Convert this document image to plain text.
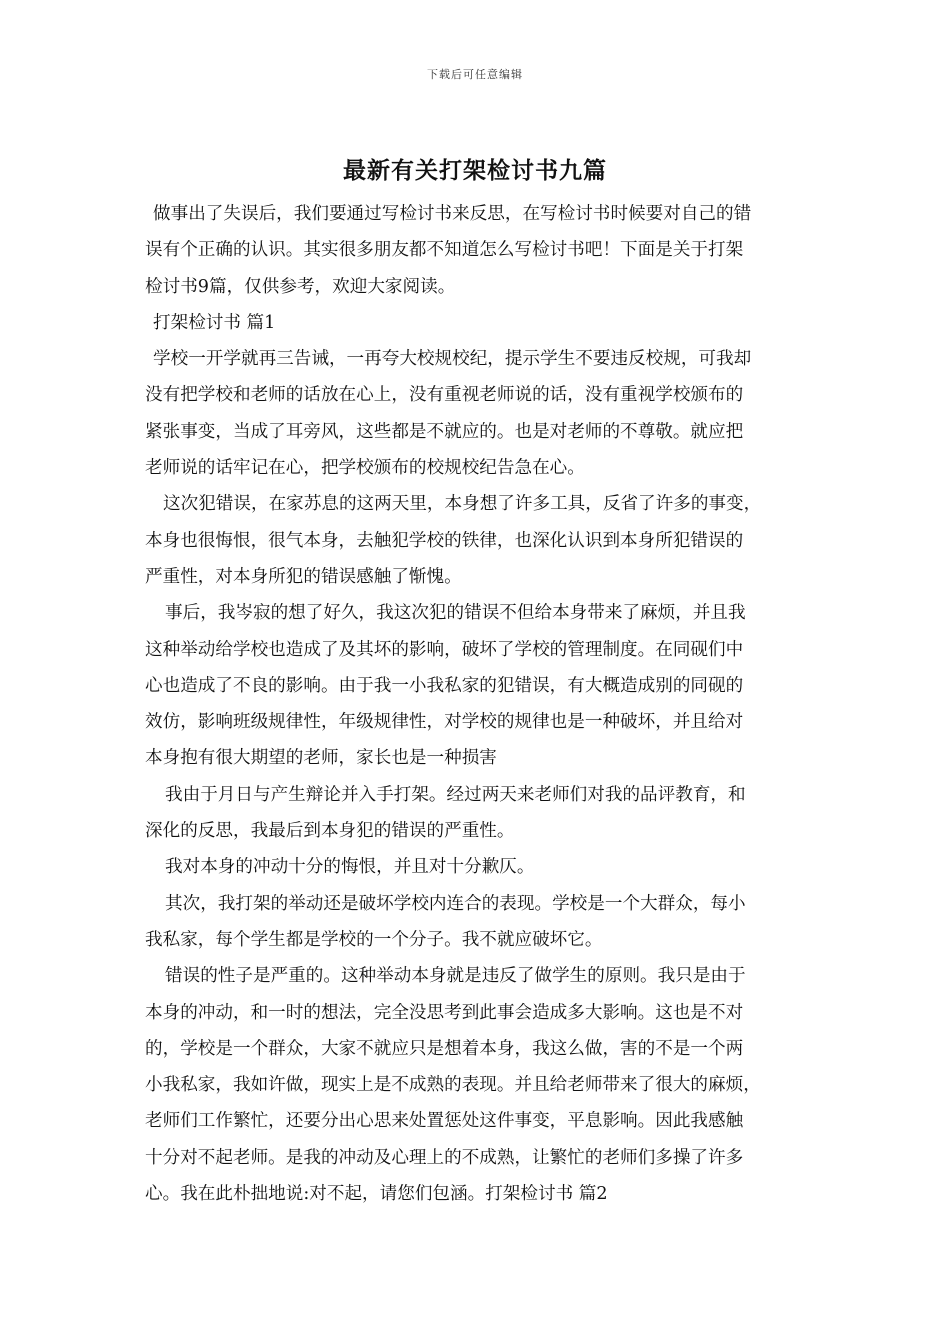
下载后可任意编辑
最新有关打架检讨书九篇
做事出了失误后，我们要通过写检讨书来反思，在写检讨书时候要对自己的错
误有个正确的认识。其实很多朋友都不知道怎么写检讨书吧！下面是关于打架
检讨书9篇，仅供参考，欢迎大家阅读。
打架检讨书 篇1
学校一开学就再三告诫，一再夸大校规校纪，提示学生不要违反校规，可我却
没有把学校和老师的话放在心上，没有重视老师说的话，没有重视学校颁布的
紧张事变，当成了耳旁风，这些都是不就应的。也是对老师的不尊敬。就应把
老师说的话牢记在心，把学校颁布的校规校纪告急在心。
这次犯错误，在家苏息的这两天里，本身想了许多工具，反省了许多的事变，
本身也很悔恨，很气本身，去触犯学校的铁律，也深化认识到本身所犯错误的
严重性，对本身所犯的错误感触了惭愧。
事后，我岑寂的想了好久，我这次犯的错误不但给本身带来了麻烦，并且我
这种举动给学校也造成了及其坏的影响，破坏了学校的管理制度。在同砚们中
心也造成了不良的影响。由于我一小我私家的犯错误，有大概造成别的同砚的
效仿，影响班级规律性，年级规律性，对学校的规律也是一种破坏，并且给对
本身抱有很大期望的老师，家长也是一种损害
我由于月日与产生辩论并入手打架。经过两天来老师们对我的品评教育，和
深化的反思，我最后到本身犯的错误的严重性。
我对本身的冲动十分的悔恨，并且对十分歉仄。
其次，我打架的举动还是破坏学校内连合的表现。学校是一个大群众，每小
我私家，每个学生都是学校的一个分子。我不就应破坏它。
错误的性子是严重的。这种举动本身就是违反了做学生的原则。我只是由于
本身的冲动，和一时的想法，完全没思考到此事会造成多大影响。这也是不对
的，学校是一个群众，大家不就应只是想着本身，我这么做，害的不是一个两
小我私家，我如许做，现实上是不成熟的表现。并且给老师带来了很大的麻烦，
老师们工作繁忙，还要分出心思来处置惩处这件事变，平息影响。因此我感触
十分对不起老师。是我的冲动及心理上的不成熟，让繁忙的老师们多操了许多
心。我在此朴拙地说:对不起，请您们包涵。打架检讨书 篇2
